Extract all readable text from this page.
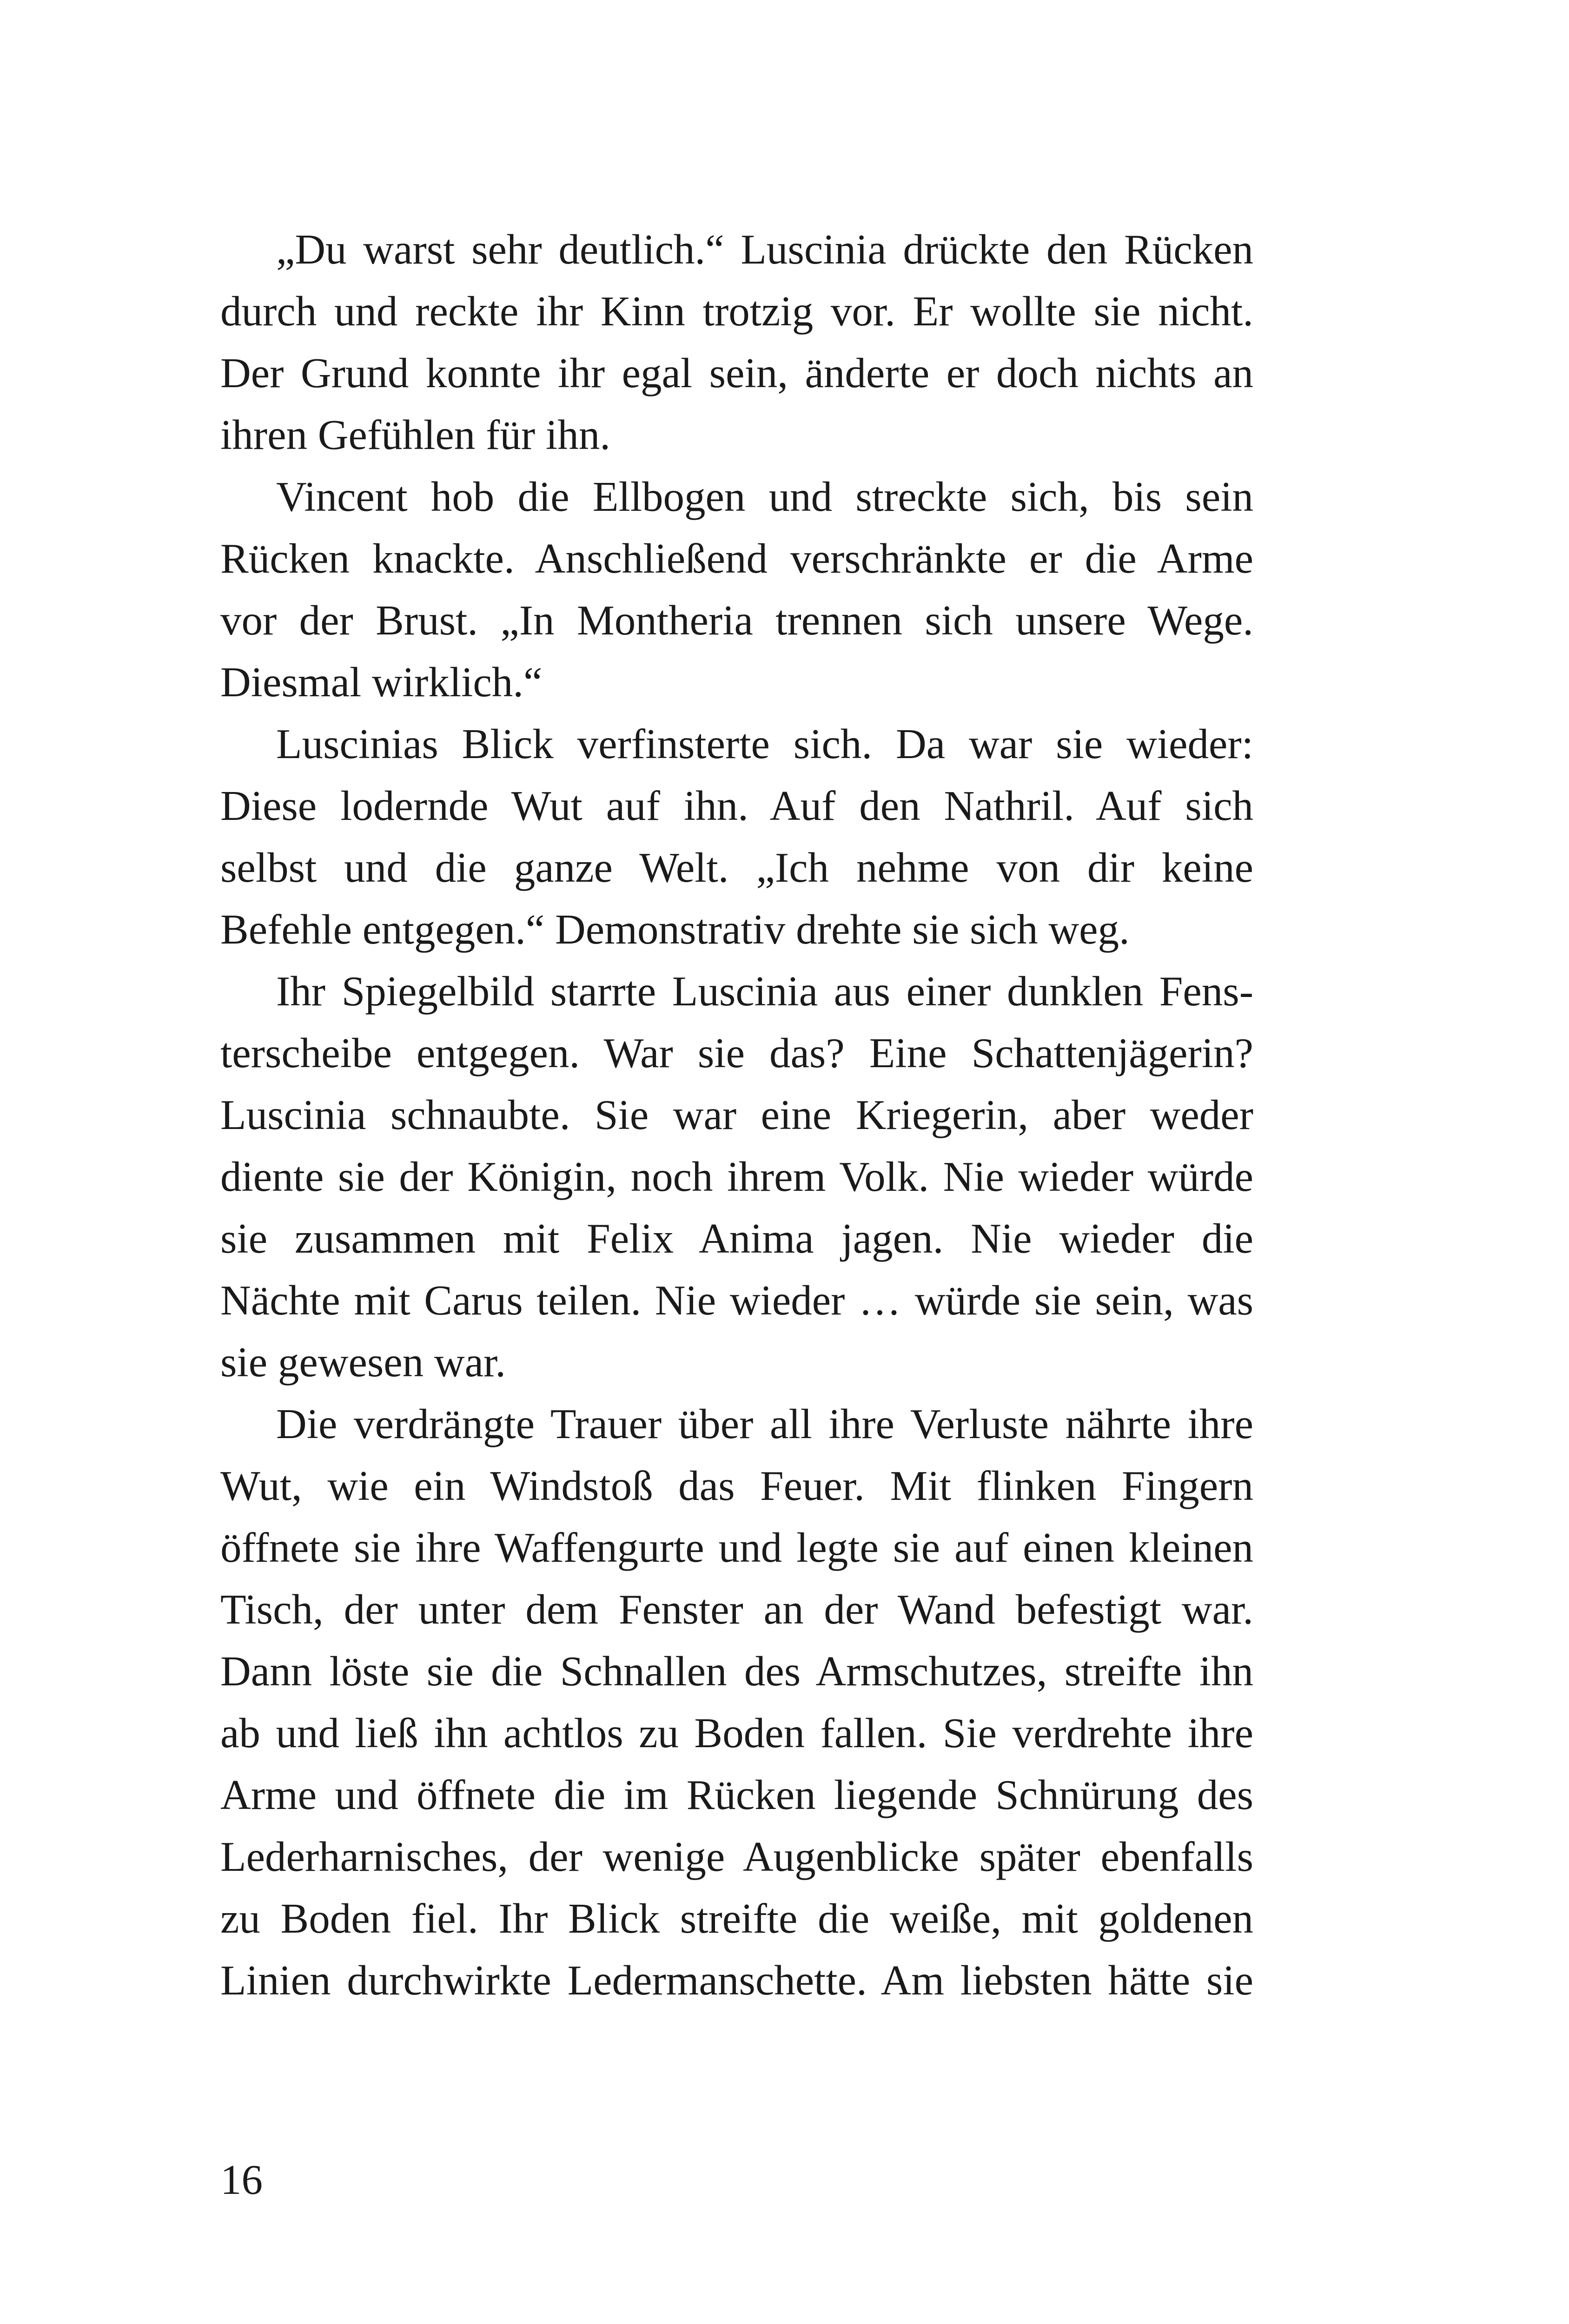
„Du warst sehr deutlich.“ Luscinia drückte den Rücken
durch und reckte ihr Kinn trotzig vor. Er wollte sie nicht.
Der Grund konnte ihr egal sein, änderte er doch nichts an
ihren Gefühlen für ihn.
Vincent hob die Ellbogen und streckte sich, bis sein
Rücken knackte. Anschließend verschränkte er die Arme
vor der Brust. „In Montheria trennen sich unsere Wege.
Diesmal wirklich.“
Luscinias Blick verfinsterte sich. Da war sie wieder:
Diese lodernde Wut auf ihn. Auf den Nathril. Auf sich
selbst und die ganze Welt. „Ich nehme von dir keine
Befehle entgegen.“ Demonstrativ drehte sie sich weg.
Ihr Spiegelbild starrte Luscinia aus einer dunklen Fens-
terscheibe entgegen. War sie das? Eine Schattenjägerin?
Luscinia schnaubte. Sie war eine Kriegerin, aber weder
diente sie der Königin, noch ihrem Volk. Nie wieder würde
sie zusammen mit Felix Anima jagen. Nie wieder die
Nächte mit Carus teilen. Nie wieder … würde sie sein, was
sie gewesen war.
Die verdrängte Trauer über all ihre Verluste nährte ihre
Wut, wie ein Windstoß das Feuer. Mit flinken Fingern
öffnete sie ihre Waffengurte und legte sie auf einen kleinen
Tisch, der unter dem Fenster an der Wand befestigt war.
Dann löste sie die Schnallen des Armschutzes, streifte ihn
ab und ließ ihn achtlos zu Boden fallen. Sie verdrehte ihre
Arme und öffnete die im Rücken liegende Schnürung des
Lederharnisches, der wenige Augenblicke später ebenfalls
zu Boden fiel. Ihr Blick streifte die weiße, mit goldenen
Linien durchwirkte Ledermanschette. Am liebsten hätte sie
16
